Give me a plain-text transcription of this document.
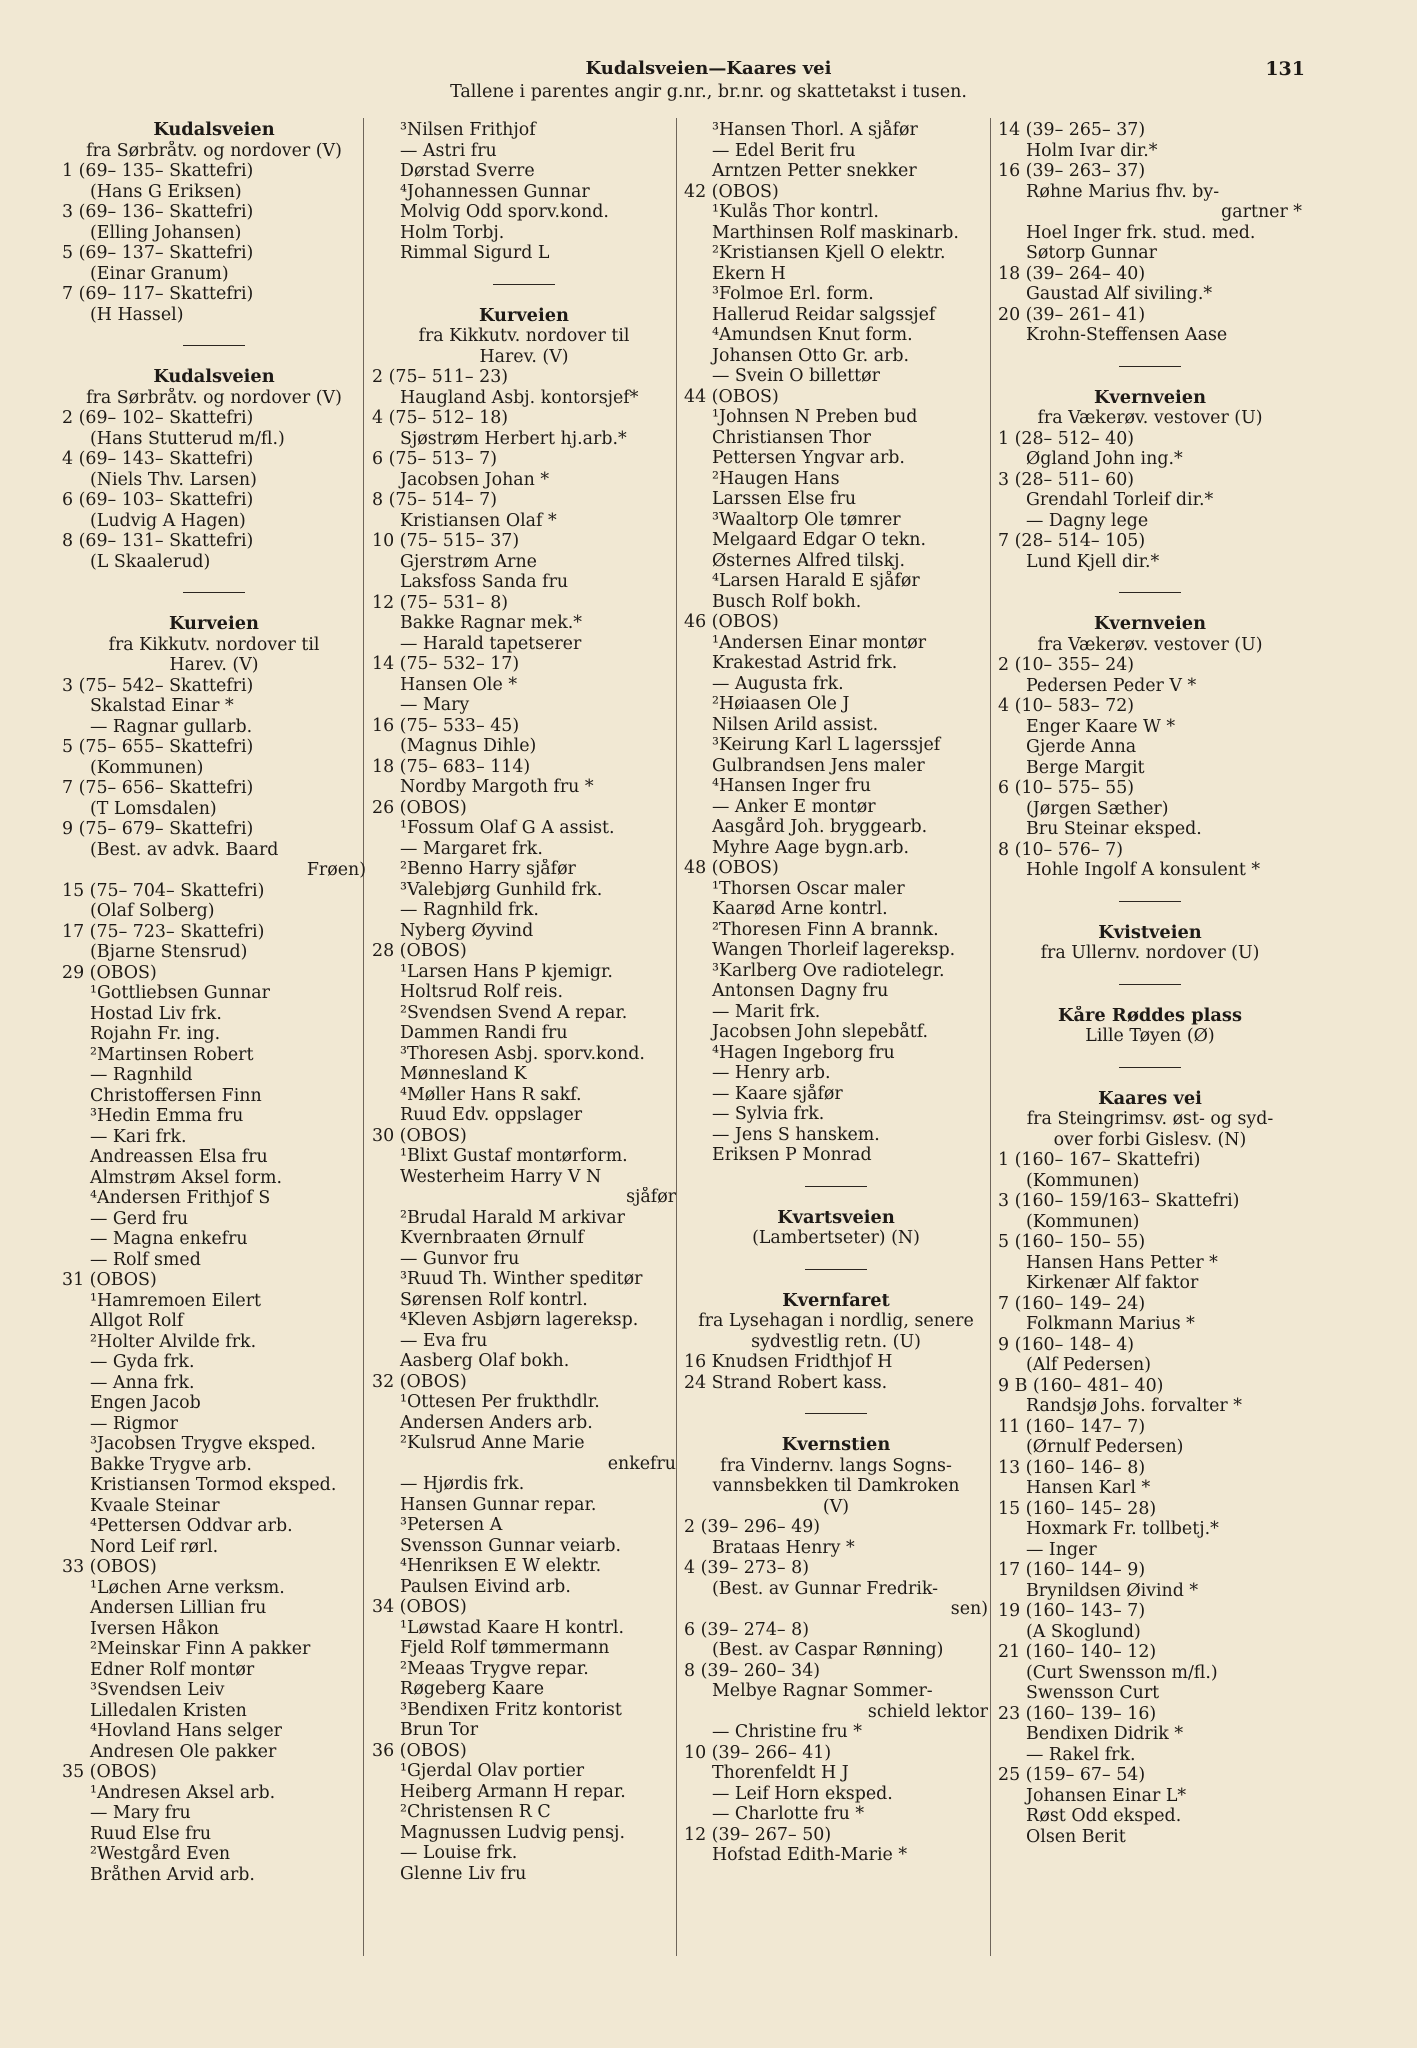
Kudalsveien—Kaares vei
Tallene i parentes angir g.nr., br.nr. og skattetakst i tusen.
131
Kudalsveien
fra Sørbråtv. og nordover (V)
1 (69– 135– Skattefri)
(Hans G Eriksen)
3 (69– 136– Skattefri)
(Elling Johansen)
5 (69– 137– Skattefri)
(Einar Granum)
7 (69– 117– Skattefri)
(H Hassel)
Kudalsveien
fra Sørbråtv. og nordover (V)
2 (69– 102– Skattefri)
(Hans Stutterud m/fl.)
4 (69– 143– Skattefri)
(Niels Thv. Larsen)
6 (69– 103– Skattefri)
(Ludvig A Hagen)
8 (69– 131– Skattefri)
(L Skaalerud)
Kurveien
fra Kikkutv. nordover til
Harev. (V)
3 (75– 542– Skattefri)
Skalstad Einar *
— Ragnar gullarb.
5 (75– 655– Skattefri)
(Kommunen)
7 (75– 656– Skattefri)
(T Lomsdalen)
9 (75– 679– Skattefri)
(Best. av advk. Baard
Frøen)
15 (75– 704– Skattefri)
(Olaf Solberg)
17 (75– 723– Skattefri)
(Bjarne Stensrud)
29 (OBOS)
¹Gottliebsen Gunnar
Hostad Liv frk.
Rojahn Fr. ing.
²Martinsen Robert
— Ragnhild
Christoffersen Finn
³Hedin Emma fru
— Kari frk.
Andreassen Elsa fru
Almstrøm Aksel form.
⁴Andersen Frithjof S
— Gerd fru
— Magna enkefru
— Rolf smed
31 (OBOS)
¹Hamremoen Eilert
Allgot Rolf
²Holter Alvilde frk.
— Gyda frk.
— Anna frk.
Engen Jacob
— Rigmor
³Jacobsen Trygve eksped.
Bakke Trygve arb.
Kristiansen Tormod eksped.
Kvaale Steinar
⁴Pettersen Oddvar arb.
Nord Leif rørl.
33 (OBOS)
¹Løchen Arne verksm.
Andersen Lillian fru
Iversen Håkon
²Meinskar Finn A pakker
Edner Rolf montør
³Svendsen Leiv
Lilledalen Kristen
⁴Hovland Hans selger
Andresen Ole pakker
35 (OBOS)
¹Andresen Aksel arb.
— Mary fru
Ruud Else fru
²Westgård Even
Bråthen Arvid arb.
³Nilsen Frithjof
— Astri fru
Dørstad Sverre
⁴Johannessen Gunnar
Molvig Odd sporv.kond.
Holm Torbj.
Rimmal Sigurd L
Kurveien
fra Kikkutv. nordover til
Harev. (V)
2 (75– 511– 23)
Haugland Asbj. kontorsjef*
4 (75– 512– 18)
Sjøstrøm Herbert hj.arb.*
6 (75– 513– 7)
Jacobsen Johan *
8 (75– 514– 7)
Kristiansen Olaf *
10 (75– 515– 37)
Gjerstrøm Arne
Laksfoss Sanda fru
12 (75– 531– 8)
Bakke Ragnar mek.*
— Harald tapetserer
14 (75– 532– 17)
Hansen Ole *
— Mary
16 (75– 533– 45)
(Magnus Dihle)
18 (75– 683– 114)
Nordby Margoth fru *
26 (OBOS)
¹Fossum Olaf G A assist.
— Margaret frk.
²Benno Harry sjåfør
³Valebjørg Gunhild frk.
— Ragnhild frk.
Nyberg Øyvind
28 (OBOS)
¹Larsen Hans P kjemigr.
Holtsrud Rolf reis.
²Svendsen Svend A repar.
Dammen Randi fru
³Thoresen Asbj. sporv.kond.
Mønnesland K
⁴Møller Hans R sakf.
Ruud Edv. oppslager
30 (OBOS)
¹Blixt Gustaf montørform.
Westerheim Harry V N
sjåfør
²Brudal Harald M arkivar
Kvernbraaten Ørnulf
— Gunvor fru
³Ruud Th. Winther speditør
Sørensen Rolf kontrl.
⁴Kleven Asbjørn lagereksp.
— Eva fru
Aasberg Olaf bokh.
32 (OBOS)
¹Ottesen Per frukthdlr.
Andersen Anders arb.
²Kulsrud Anne Marie
enkefru
— Hjørdis frk.
Hansen Gunnar repar.
³Petersen A
Svensson Gunnar veiarb.
⁴Henriksen E W elektr.
Paulsen Eivind arb.
34 (OBOS)
¹Løwstad Kaare H kontrl.
Fjeld Rolf tømmermann
²Meaas Trygve repar.
Røgeberg Kaare
³Bendixen Fritz kontorist
Brun Tor
36 (OBOS)
¹Gjerdal Olav portier
Heiberg Armann H repar.
²Christensen R C
Magnussen Ludvig pensj.
— Louise frk.
Glenne Liv fru
³Hansen Thorl. A sjåfør
— Edel Berit fru
Arntzen Petter snekker
42 (OBOS)
¹Kulås Thor kontrl.
Marthinsen Rolf maskinarb.
²Kristiansen Kjell O elektr.
Ekern H
³Folmoe Erl. form.
Hallerud Reidar salgssjef
⁴Amundsen Knut form.
Johansen Otto Gr. arb.
— Svein O billettør
44 (OBOS)
¹Johnsen N Preben bud
Christiansen Thor
Pettersen Yngvar arb.
²Haugen Hans
Larssen Else fru
³Waaltorp Ole tømrer
Melgaard Edgar O tekn.
Østernes Alfred tilskj.
⁴Larsen Harald E sjåfør
Busch Rolf bokh.
46 (OBOS)
¹Andersen Einar montør
Krakestad Astrid frk.
— Augusta frk.
²Høiaasen Ole J
Nilsen Arild assist.
³Keirung Karl L lagerssjef
Gulbrandsen Jens maler
⁴Hansen Inger fru
— Anker E montør
Aasgård Joh. bryggearb.
Myhre Aage bygn.arb.
48 (OBOS)
¹Thorsen Oscar maler
Kaarød Arne kontrl.
²Thoresen Finn A brannk.
Wangen Thorleif lagereksp.
³Karlberg Ove radiotelegr.
Antonsen Dagny fru
— Marit frk.
Jacobsen John slepebåtf.
⁴Hagen Ingeborg fru
— Henry arb.
— Kaare sjåfør
— Sylvia frk.
— Jens S hanskem.
Eriksen P Monrad
Kvartsveien
(Lambertseter) (N)
Kvernfaret
fra Lysehagan i nordlig, senere
sydvestlig retn. (U)
16 Knudsen Fridthjof H
24 Strand Robert kass.
Kvernstien
fra Vindernv. langs Sogns-
vannsbekken til Damkroken
(V)
2 (39– 296– 49)
Brataas Henry *
4 (39– 273– 8)
(Best. av Gunnar Fredrik-
sen)
6 (39– 274– 8)
(Best. av Caspar Rønning)
8 (39– 260– 34)
Melbye Ragnar Sommer-
schield lektor
— Christine fru *
10 (39– 266– 41)
Thorenfeldt H J
— Leif Horn eksped.
— Charlotte fru *
12 (39– 267– 50)
Hofstad Edith-Marie *
14 (39– 265– 37)
Holm Ivar dir.*
16 (39– 263– 37)
Røhne Marius fhv. by-
gartner *
Hoel Inger frk. stud. med.
Søtorp Gunnar
18 (39– 264– 40)
Gaustad Alf siviling.*
20 (39– 261– 41)
Krohn-Steffensen Aase
Kvernveien
fra Vækerøv. vestover (U)
1 (28– 512– 40)
Øgland John ing.*
3 (28– 511– 60)
Grendahl Torleif dir.*
— Dagny lege
7 (28– 514– 105)
Lund Kjell dir.*
Kvernveien
fra Vækerøv. vestover (U)
2 (10– 355– 24)
Pedersen Peder V *
4 (10– 583– 72)
Enger Kaare W *
Gjerde Anna
Berge Margit
6 (10– 575– 55)
(Jørgen Sæther)
Bru Steinar eksped.
8 (10– 576– 7)
Hohle Ingolf A konsulent *
Kvistveien
fra Ullernv. nordover (U)
Kåre Røddes plass
Lille Tøyen (Ø)
Kaares vei
fra Steingrimsv. øst- og syd-
over forbi Gislesv. (N)
1 (160– 167– Skattefri)
(Kommunen)
3 (160– 159/163– Skattefri)
(Kommunen)
5 (160– 150– 55)
Hansen Hans Petter *
Kirkenær Alf faktor
7 (160– 149– 24)
Folkmann Marius *
9 (160– 148– 4)
(Alf Pedersen)
9 B (160– 481– 40)
Randsjø Johs. forvalter *
11 (160– 147– 7)
(Ørnulf Pedersen)
13 (160– 146– 8)
Hansen Karl *
15 (160– 145– 28)
Hoxmark Fr. tollbetj.*
— Inger
17 (160– 144– 9)
Brynildsen Øivind *
19 (160– 143– 7)
(A Skoglund)
21 (160– 140– 12)
(Curt Swensson m/fl.)
Swensson Curt
23 (160– 139– 16)
Bendixen Didrik *
— Rakel frk.
25 (159– 67– 54)
Johansen Einar L*
Røst Odd eksped.
Olsen Berit
